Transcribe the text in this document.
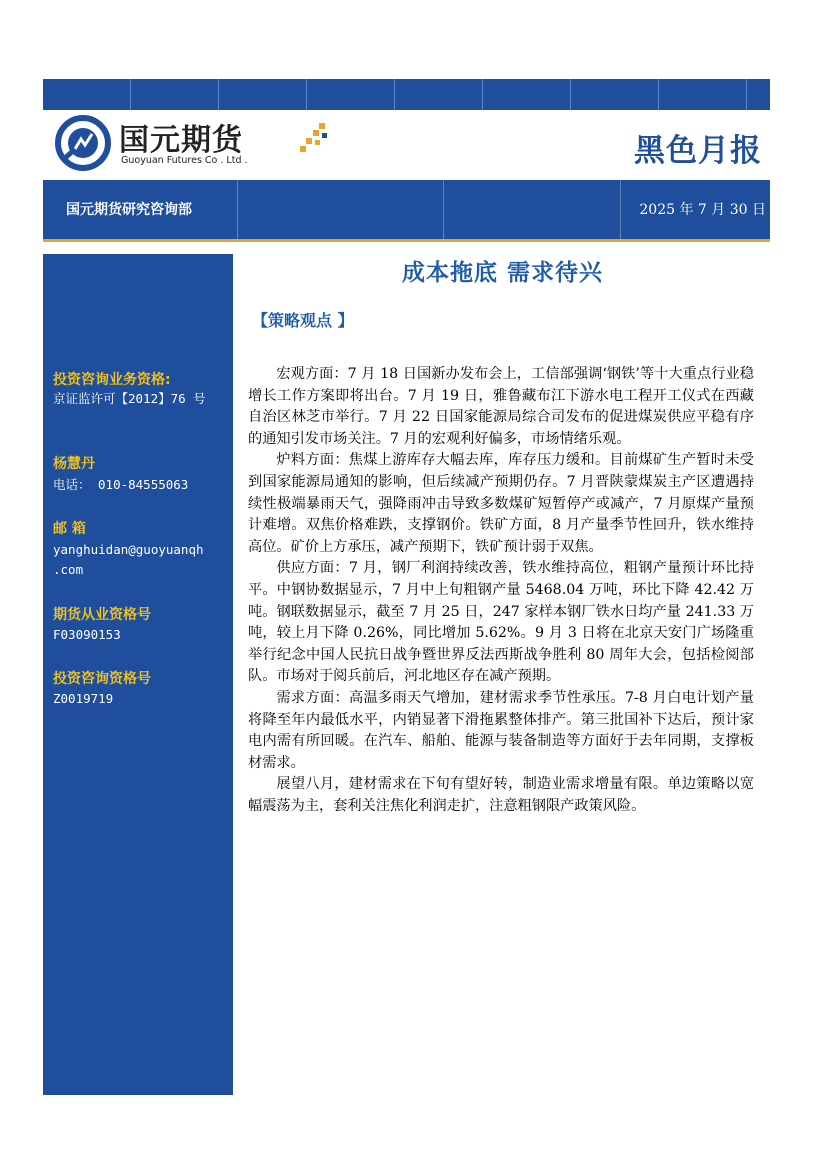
国元期货
Guoyuan Futures Co . Ltd .	黑色月报
国元期货研究咨询部	2025 年 7 月 30 日
投资咨询业务资格:
京证监许可【2012】76 号
杨慧丹
电话： 010-84555063
邮 箱
yanghuidan@guoyuanqh
.com
期货从业资格号
F03090153
投资咨询资格号
Z0019719
成本拖底 需求待兴
【策略观点 】

宏观方面：7 月 18 日国新办发布会上，工信部强调‘钢铁’等十大重点行业稳增长工作方案即将出台。7 月 19 日，雅鲁藏布江下游水电工程开工仪式在西藏自治区林芝市举行。7 月 22 日国家能源局综合司发布的促进煤炭供应平稳有序的通知引发市场关注。7 月的宏观利好偏多，市场情绪乐观。

炉料方面：焦煤上游库存大幅去库，库存压力缓和。目前煤矿生产暂时未受到国家能源局通知的影响，但后续减产预期仍存。7 月晋陕蒙煤炭主产区遭遇持续性极端暴雨天气，强降雨冲击导致多数煤矿短暂停产或减产，7 月原煤产量预计难增。双焦价格难跌，支撑钢价。铁矿方面，8 月产量季节性回升，铁水维持高位。矿价上方承压，减产预期下，铁矿预计弱于双焦。

供应方面：7 月，钢厂利润持续改善，铁水维持高位，粗钢产量预计环比持平。中钢协数据显示，7 月中上旬粗钢产量 5468.04 万吨，环比下降 42.42 万吨。钢联数据显示，截至 7 月 25 日，247 家样本钢厂铁水日均产量 241.33 万吨，较上月下降 0.26%，同比增加 5.62%。9 月 3 日将在北京天安门广场隆重举行纪念中国人民抗日战争暨世界反法西斯战争胜利 80 周年大会，包括检阅部队。市场对于阅兵前后，河北地区存在减产预期。

需求方面：高温多雨天气增加，建材需求季节性承压。7-8 月白电计划产量将降至年内最低水平，内销显著下滑拖累整体排产。第三批国补下达后，预计家电内需有所回暖。在汽车、船舶、能源与装备制造等方面好于去年同期，支撑板材需求。

展望八月，建材需求在下旬有望好转，制造业需求增量有限。单边策略以宽幅震荡为主，套利关注焦化利润走扩，注意粗钢限产政策风险。
